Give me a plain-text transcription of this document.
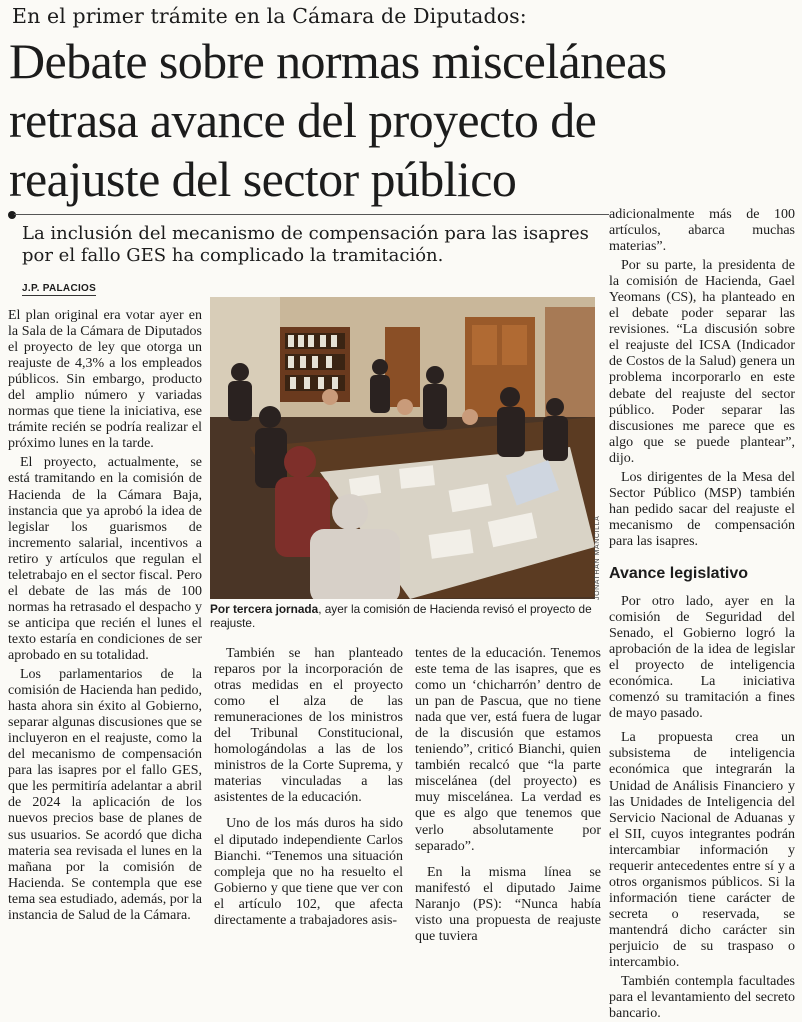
En el primer trámite en la Cámara de Diputados:
Debate sobre normas misceláneas
retrasa avance del proyecto de
reajuste del sector público
La inclusión del mecanismo de compensación para las isapres por el fallo GES ha complicado la tramitación.
J.P. PALACIOS

El plan original era votar ayer en la Sala de la Cámara de Diputados el proyecto de ley que otorga un reajuste de 4,3% a los empleados públicos. Sin embargo, producto del amplio número y variadas normas que tiene la iniciativa, ese trámite recién se podría realizar el próximo lunes en la tarde.

El proyecto, actualmente, se está tramitando en la comisión de Hacienda de la Cámara Baja, instancia que ya aprobó la idea de legislar los guarismos de incremento salarial, incentivos a retiro y artículos que regulan el teletrabajo en el sector fiscal. Pero el debate de las más de 100 normas ha retrasado el despacho y se anticipa que recién el lunes el texto estaría en condiciones de ser aprobado en su totalidad.

Los parlamentarios de la comisión de Hacienda han pedido, hasta ahora sin éxito al Gobierno, separar algunas discusiones que se incluyeron en el reajuste, como la del mecanismo de compensación para las isapres por el fallo GES, que les permitiría adelantar a abril de 2024 la aplicación de los nuevos precios base de planes de sus usuarios. Se acordó que dicha materia sea revisada el lunes en la mañana por la comisión de Hacienda. Se contempla que ese tema sea estudiado, además, por la instancia de Salud de la Cámara.

JONATHAN MANCILLA
Por tercera jornada, ayer la comisión de Hacienda revisó el proyecto de reajuste.

También se han planteado reparos por la incorporación de otras medidas en el proyecto como el alza de las remuneraciones de los ministros del Tribunal Constitucional, homologándolas a las de los ministros de la Corte Suprema, y materias vinculadas a las asistentes de la educación.

Uno de los más duros ha sido el diputado independiente Carlos Bianchi. “Tenemos una situación compleja que no ha resuelto el Gobierno y que tiene que ver con el artículo 102, que afecta directamente a trabajadores asis-

tentes de la educación. Tenemos este tema de las isapres, que es como un ‘chicharrón’ dentro de un pan de Pascua, que no tiene nada que ver, está fuera de lugar de la discusión que estamos teniendo”, criticó Bianchi, quien también recalcó que “la parte miscelánea (del proyecto) es muy miscelánea. La verdad es que es algo que tenemos que verlo absolutamente por separado”.

En la misma línea se manifestó el diputado Jaime Naranjo (PS): “Nunca había visto una propuesta de reajuste que tuviera

adicionalmente más de 100 artículos, abarca muchas materias”.

Por su parte, la presidenta de la comisión de Hacienda, Gael Yeomans (CS), ha planteado en el debate poder separar las revisiones. “La discusión sobre el reajuste del ICSA (Indicador de Costos de la Salud) genera un problema incorporarlo en este debate del reajuste del sector público. Poder separar las discusiones me parece que es algo que se puede plantear”, dijo.

Los dirigentes de la Mesa del Sector Público (MSP) también han pedido sacar del reajuste el mecanismo de compensación para las isapres.

Avance legislativo

Por otro lado, ayer en la comisión de Seguridad del Senado, el Gobierno logró la aprobación de la idea de legislar el proyecto de inteligencia económica. La iniciativa comenzó su tramitación a fines de mayo pasado.

La propuesta crea un subsistema de inteligencia económica que integrarán la Unidad de Análisis Financiero y las Unidades de Inteligencia del Servicio Nacional de Aduanas y el SII, cuyos integrantes podrán intercambiar información y requerir antecedentes entre sí y a otros organismos públicos. Si la información tiene carácter de secreta o reservada, se mantendrá dicho carácter sin perjuicio de su traspaso o intercambio.

También contempla facultades para el levantamiento del secreto bancario.
